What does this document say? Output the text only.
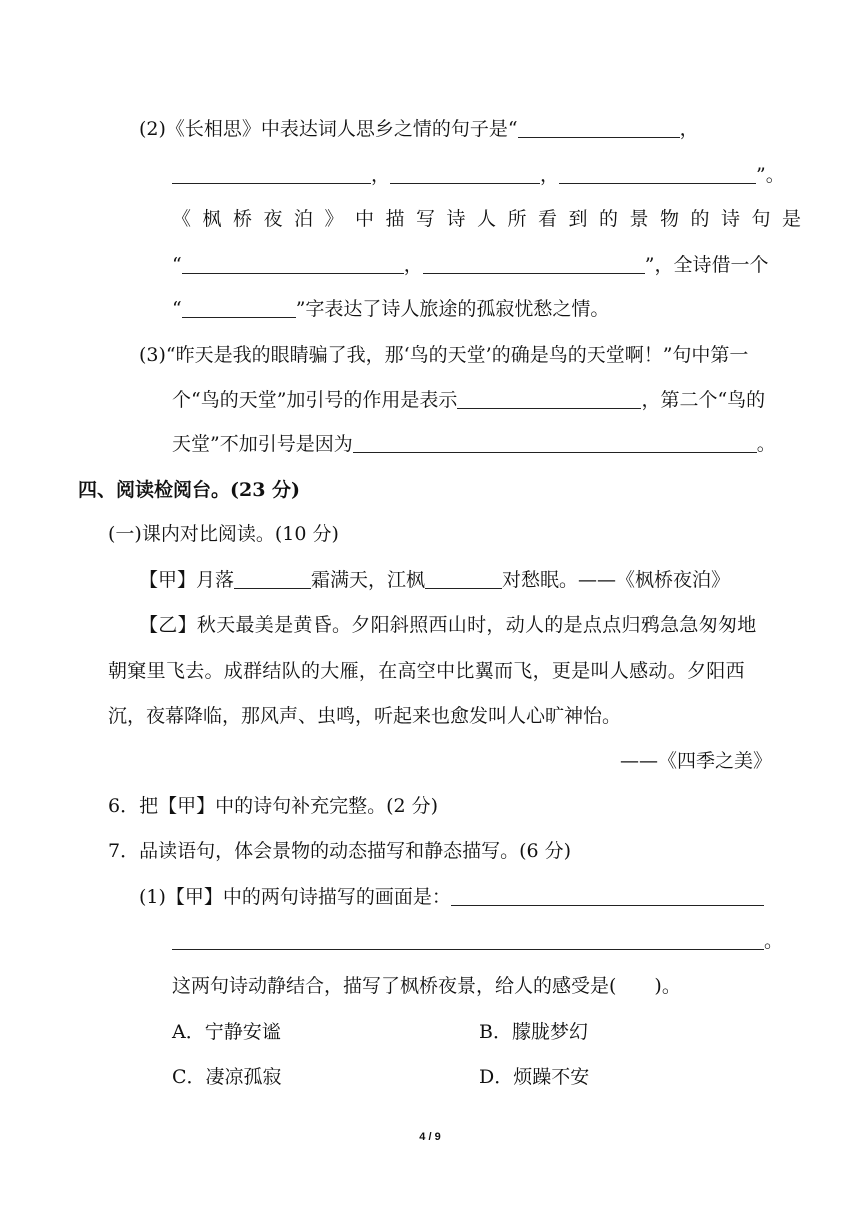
(2)《长相思》中表达词人思乡之情的句子是“	，
，	，	”。
《枫桥夜泊》中描写诗人所看到的景物的诗句是
“	，	”，全诗借一个
“	”字表达了诗人旅途的孤寂忧愁之情。
(3)“昨天是我的眼睛骗了我，那‘鸟的天堂’的确是鸟的天堂啊！”句中第一
个“鸟的天堂”加引号的作用是表示	，第二个“鸟的
天堂”不加引号是因为	。
四、阅读检阅台。(23 分)
(一)课内对比阅读。(10 分)
【甲】月落	霜满天，江枫	对愁眠。——《枫桥夜泊》
【乙】秋天最美是黄昏。夕阳斜照西山时，动人的是点点归鸦急急匆匆地
朝窠里飞去。成群结队的大雁，在高空中比翼而飞，更是叫人感动。夕阳西
沉，夜幕降临，那风声、虫鸣，听起来也愈发叫人心旷神怡。
——《四季之美》
6．把【甲】中的诗句补充完整。(2 分)
7．品读语句，体会景物的动态描写和静态描写。(6 分)
(1)【甲】中的两句诗描写的画面是：
。
这两句诗动静结合，描写了枫桥夜景，给人的感受是(　　)。
A．宁静安谧	B．朦胧梦幻
C．凄凉孤寂	D．烦躁不安
4 / 9
